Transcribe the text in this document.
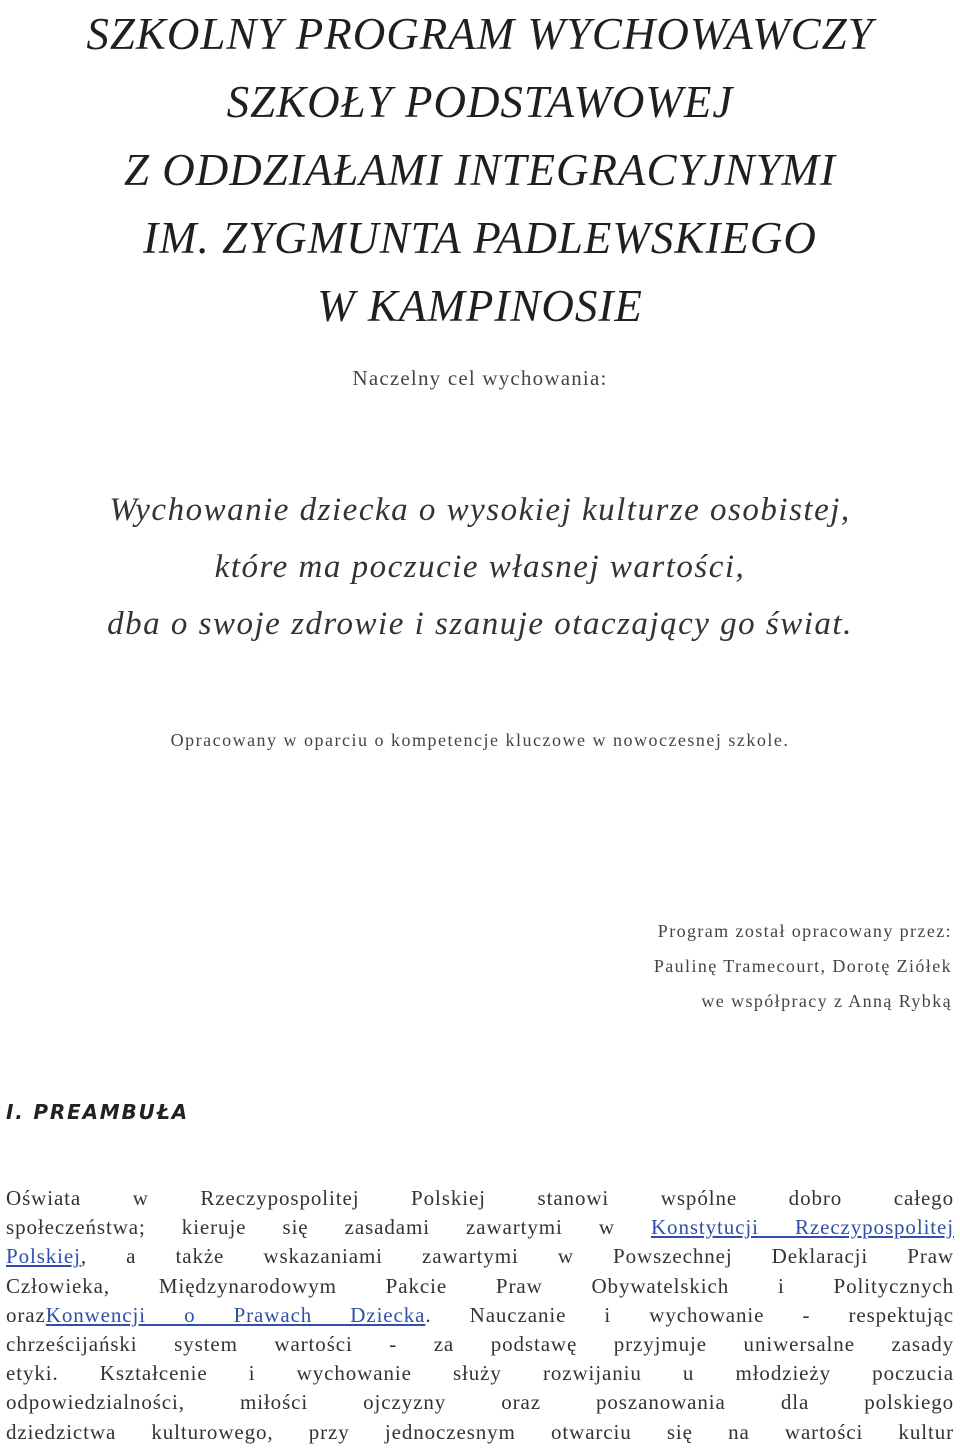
SZKOLNY PROGRAM WYCHOWAWCZY
SZKOŁY PODSTAWOWEJ
Z ODDZIAŁAMI INTEGRACYJNYMI
IM. ZYGMUNTA PADLEWSKIEGO
W KAMPINOSIE
Naczelny cel wychowania:
Wychowanie dziecka o wysokiej kulturze osobistej,
które ma poczucie własnej wartości,
dba o swoje zdrowie i szanuje otaczający go świat.
Opracowany w oparciu o kompetencje kluczowe w nowoczesnej szkole.
Program został opracowany przez:
Paulinę Tramecourt, Dorotę Ziółek
we współpracy z Anną Rybką
I. PREAMBUŁA

Oświata w Rzeczypospolitej Polskiej stanowi wspólne dobro całego
społeczeństwa; kieruje się zasadami zawartymi w Konstytucji Rzeczypospolitej
Polskiej, a także wskazaniami zawartymi w Powszechnej Deklaracji Praw
Człowieka, Międzynarodowym Pakcie Praw Obywatelskich i Politycznych
orazKonwencji o Prawach Dziecka. Nauczanie i wychowanie - respektując
chrześcijański system wartości - za podstawę przyjmuje uniwersalne zasady
etyki. Kształcenie i wychowanie służy rozwijaniu u młodzieży poczucia
odpowiedzialności, miłości ojczyzny oraz poszanowania dla polskiego
dziedzictwa kulturowego, przy jednoczesnym otwarciu się na wartości kultur
